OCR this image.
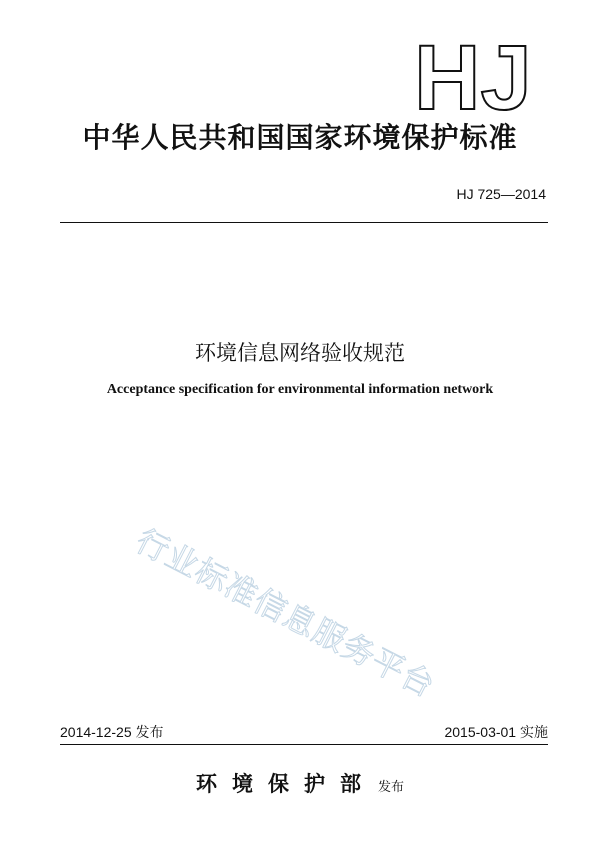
HJ
中华人民共和国国家环境保护标准
HJ 725—2014
环境信息网络验收规范
Acceptance specification for environmental information network
行业标准信息服务平台
2014-12-25 发布	2015-03-01 实施
环境保护部 发布
